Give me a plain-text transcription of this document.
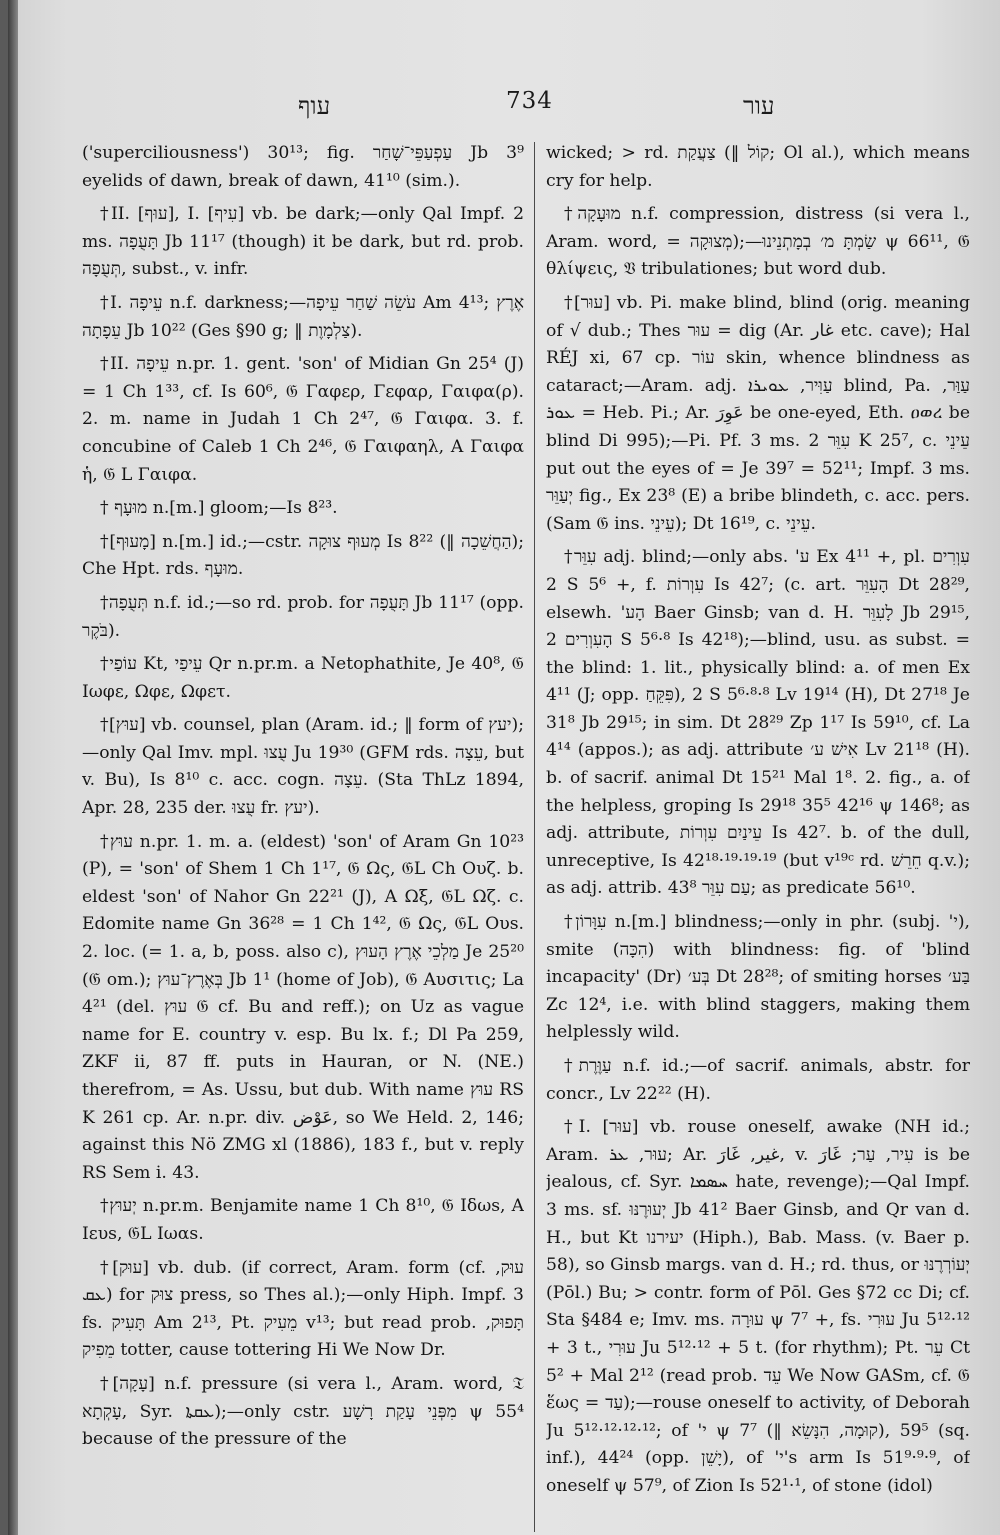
עוף	734	עור

('superciliousness') 30¹³; fig. עַפְעַפֵּי־שָׁחַר Jb 3⁹ eyelids of dawn, break of dawn, 41¹⁰ (sim.).

†II. [עוּף], I. [עִיף] vb. be dark;—only Qal Impf. 2 ms. תָּעֻפָה Jb 11¹⁷ (though) it be dark, but rd. prob. תְּעֻפָה, subst., v. infr.

†I. עֵיפָה n.f. darkness;—עֹשֵׂה שַׁחַר עֵיפָה Am 4¹³; אֶרֶץ עֵפָתָה Jb 10²² (Ges §90 g; ‖ צַלְמָוֶת).

†II. עֵיפָה n.pr. 1. gent. 'son' of Midian Gn 25⁴ (J) = 1 Ch 1³³, cf. Is 60⁶, 𝔊 Γαφερ, Γεφαρ, Γαιφα(ρ). 2. m. name in Judah 1 Ch 2⁴⁷, 𝔊 Γαιφα. 3. f. concubine of Caleb 1 Ch 2⁴⁶, 𝔊 Γαιφαηλ, A Γαιφα ἡ, 𝔊 L Γαιφα.

† מוּעָף n.[m.] gloom;—Is 8²³.

†[מָעוּף] n.[m.] id.;—cstr. מְעוּף צוּקָה Is 8²² (‖ הַחֲשֵׁכָה); Che Hpt. rds. מוּעָף.

†תְּעֻפָה n.f. id.;—so rd. prob. for תָּעֻפָה Jb 11¹⁷ (opp. בֹּקֶר).

†עוֹפַי Kt, עֵיפַי Qr n.pr.m. a Netophathite, Je 40⁸, 𝔊 Ιωφε, Ωφε, Ωφετ.

†[עוּץ] vb. counsel, plan (Aram. id.; ‖ form of יעץ);—only Qal Imv. mpl. עֻצוּ Ju 19³⁰ (GFM rds. עֵצָה, but v. Bu), Is 8¹⁰ c. acc. cogn. עֵצָה. (Sta ThLz 1894, Apr. 28, 235 der. עֻצוּ fr. יעץ).

†עוּץ n.pr. 1. m. a. (eldest) 'son' of Aram Gn 10²³ (P), = 'son' of Shem 1 Ch 1¹⁷, 𝔊 Ως, 𝔊L Ch Ουζ. b. eldest 'son' of Nahor Gn 22²¹ (J), A Ωξ, 𝔊L Ωζ. c. Edomite name Gn 36²⁸ = 1 Ch 1⁴², 𝔊 Ως, 𝔊L Ουs. 2. loc. (= 1. a, b, poss. also c), מַלְכֵי אֶרֶץ הָעוּץ Je 25²⁰ (𝔊 om.); בְּאֶרֶץ־עוּץ Jb 1¹ (home of Job), 𝔊 Αυσιτις; La 4²¹ (del. עוּץ 𝔊 cf. Bu and reff.); on Uz as vague name for E. country v. esp. Bu lx. f.; Dl Pa 259, ZKF ii, 87 ff. puts in Hauran, or N. (NE.) therefrom, = As. Ussu, but dub. With name עוּץ RS K 261 cp. Ar. n.pr. div. عَوْض, so We Held. 2, 146; against this Nö ZMG xl (1886), 183 f., but v. reply RS Sem i. 43.

†יְעוּץ n.pr.m. Benjamite name 1 Ch 8¹⁰, 𝔊 Ιδωs, A Ιευs, 𝔊L Ιωαs.

†[עוּק] vb. dub. (if correct, Aram. form (cf. עוּק, ܥܩ) for צוּק press, so Thes al.);—only Hiph. Impf. 3 fs. תָּעִיק Am 2¹³, Pt. מֵעִיק v¹³; but read prob. תָּפוּק, מֵפִיק totter, cause tottering Hi We Now Dr.

†[עָקָה] n.f. pressure (si vera l., Aram. word, 𝔗 עָקְתָא, Syr. ܥܩܬܐ);—only cstr. מִפְּנֵי עָקַת רָשָׁע ψ 55⁴ because of the pressure of the

wicked; > rd. צַעֲקַת (‖ קוֹל; Ol al.), which means cry for help.

†מוּעָקָה n.f. compression, distress (si vera l., Aram. word, = מְצוּקָה);—שַׂמְתָּ מ׳ בְמָתְנֵינוּ ψ 66¹¹, 𝔊 θλίψεις, 𝔙 tribulationes; but word dub.

†[עוּר] vb. Pi. make blind, blind (orig. meaning of √ dub.; Thes עוּר = dig (Ar. غار etc. cave); Hal RÉJ xi, 67 cp. עוֹר skin, whence blindness as cataract;—Aram. adj. עַוִּיר, ܥܘܝܪܐ blind, Pa. עַוַּר, ܥܘܪ = Heb. Pi.; Ar. عَوِرَ be one-eyed, Eth. ዐወረ be blind Di 995);—Pi. Pf. 3 ms. עִוֵּר 2 K 25⁷, c. עֵינֵי put out the eyes of = Je 39⁷ = 52¹¹; Impf. 3 ms. יְעַוֵּר fig., Ex 23⁸ (E) a bribe blindeth, c. acc. pers. (Sam 𝔊 ins. עֵינֵי); Dt 16¹⁹, c. עֵינֵי.

†עִוֵּר adj. blind;—only abs. 'ע Ex 4¹¹ +, pl. עִוְרִים 2 S 5⁶ +, f. עִוְרוֹת Is 42⁷; (c. art. הָעִוֵּר Dt 28²⁹, elsewh. 'הָע Baer Ginsb; van d. H. לָעִוֵּר Jb 29¹⁵, הָעִוְרִים 2 S 5⁶·⁸ Is 42¹⁸);—blind, usu. as subst. = the blind: 1. lit., physically blind: a. of men Ex 4¹¹ (J; opp. פִּקֵּחַ), 2 S 5⁶·⁸·⁸ Lv 19¹⁴ (H), Dt 27¹⁸ Je 31⁸ Jb 29¹⁵; in sim. Dt 28²⁹ Zp 1¹⁷ Is 59¹⁰, cf. La 4¹⁴ (appos.); as adj. attribute אִישׁ ע׳ Lv 21¹⁸ (H). b. of sacrif. animal Dt 15²¹ Mal 1⁸. 2. fig., a. of the helpless, groping Is 29¹⁸ 35⁵ 42¹⁶ ψ 146⁸; as adj. attribute, עֵינַיִם עִוְרוֹת Is 42⁷. b. of the dull, unreceptive, Is 42¹⁸·¹⁹·¹⁹·¹⁹ (but v¹⁹ᶜ rd. חֵרֵשׁ q.v.); as adj. attrib. עַם עִוֵּר 43⁸; as predicate 56¹⁰.

†עִוָּרוֹן n.[m.] blindness;—only in phr. (subj. 'י), smite (הִכָּה) with blindness: fig. of 'blind incapacity' (Dr) בְּע׳ Dt 28²⁸; of smiting horses בַּע׳ Zc 12⁴, i.e. with blind staggers, making them helplessly wild.

†עַוֶּרֶת n.f. id.;—of sacrif. animals, abstr. for concr., Lv 22²² (H).

†I. [עוּר] vb. rouse oneself, awake (NH id.; Aram. עוּר, ܥܪ; Ar. غير, غَارَ, v. עִיר, עַר; غَارَ is be jealous, cf. Syr. ܚܣܡܐ hate, revenge);—Qal Impf. 3 ms. sf. יְעוּרֶנּוּ Jb 41² Baer Ginsb, and Qr van d. H., but Kt יעירנו (Hiph.), Bab. Mass. (v. Baer p. 58), so Ginsb margs. van d. H.; rd. thus, or יְעוֹרְרֶנּוּ (Pōl.) Bu; > contr. form of Pōl. Ges §72 cc Di; cf. Sta §484 e; Imv. ms. עוּרָה ψ 7⁷ +, fs. עוּרִי Ju 5¹²·¹² + 3 t., עוּרִי Ju 5¹²·¹² + 5 t. (for rhythm); Pt. עֵר Ct 5² + Mal 2¹² (read prob. עֵד We Now GASm, cf. 𝔊 ἕως = עַד);—rouse oneself to activity, of Deborah Ju 5¹²·¹²·¹²·¹²; of 'י ψ 7⁷ (‖ קוּמָה, הִנָּשֵׂא), 59⁵ (sq. inf.), 44²⁴ (opp. יָשֵׁן), of 'י's arm Is 51⁹·⁹·⁹, of oneself ψ 57⁹, of Zion Is 52¹·¹, of stone (idol)
